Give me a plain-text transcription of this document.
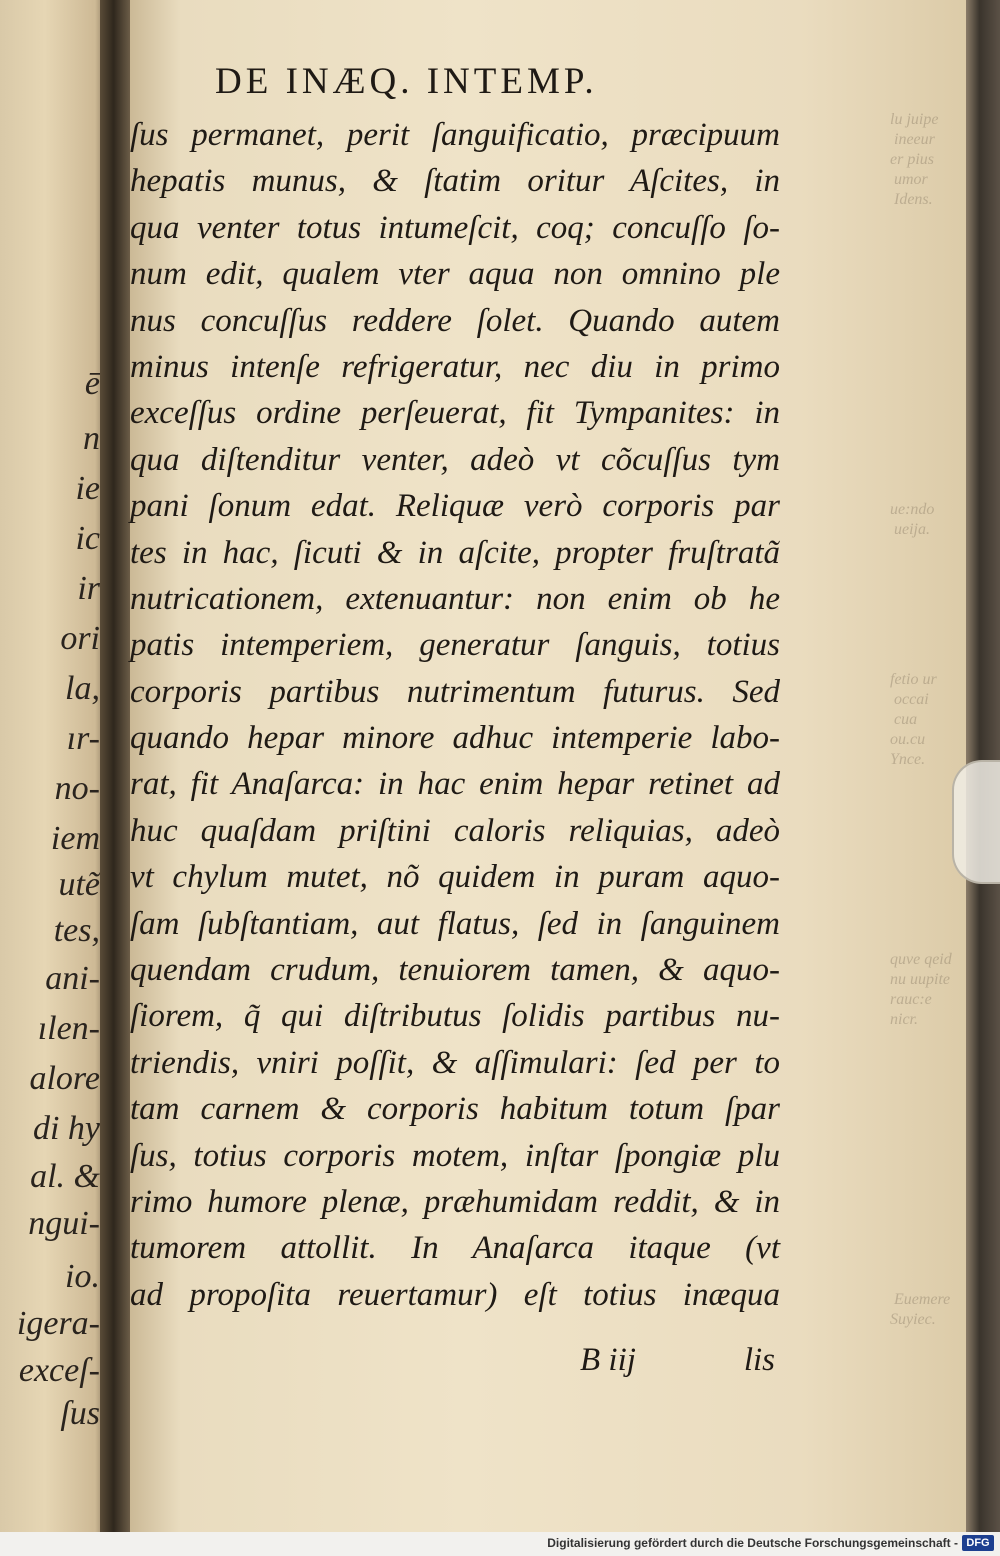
ē
n
ie
ic
ir
ori
la,
ır-
no-
iem
utẽ
tes,
ani-
ılen-
alore
di hy
al. &
ngui-
io.
igera-
exceſ-
ſus
lu juipe
ineeur
er pius
umor
Idens.
ue:ndo
ueija.
fetio ur
occai
cua
ou.cu
Ynce.
quve qeid
nu uupite
rauc:e
nicr.
Euemere
Suyiec.
DE INÆQ. INTEMP.
ſus permanet, perit ſanguificatio, præcipuum
hepatis munus, & ſtatim oritur Aſcites, in
qua venter totus intumeſcit, coq; concuſſo ſo-
num edit, qualem vter aqua non omnino ple
nus concuſſus reddere ſolet. Quando autem
minus intenſe refrigeratur, nec diu in primo
exceſſus ordine perſeuerat, fit Tympanites: in
qua diſtenditur venter, adeò vt cõcuſſus tym
pani ſonum edat. Reliquæ verò corporis par
tes in hac, ſicuti & in aſcite, propter fruſtratã
nutricationem, extenuantur: non enim ob he
patis intemperiem, generatur ſanguis, totius
corporis partibus nutrimentum futurus. Sed
quando hepar minore adhuc intemperie labo-
rat, fit Anaſarca: in hac enim hepar retinet ad
huc quaſdam priſtini caloris reliquias, adeò
vt chylum mutet, nõ quidem in puram aquo-
ſam ſubſtantiam, aut flatus, ſed in ſanguinem
quendam crudum, tenuiorem tamen, & aquo-
ſiorem, q̃ qui diſtributus ſolidis partibus nu-
triendis, vniri poſſit, & aſſimulari: ſed per to
tam carnem & corporis habitum totum ſpar
ſus, totius corporis motem, inſtar ſpongiæ plu
rimo humore plenæ, præhumidam reddit, & in
tumorem attollit. In Anaſarca itaque (vt
ad propoſita reuertamur) eſt totius inæqua
B iij	lis
Digitalisierung gefördert durch die Deutsche Forschungsgemeinschaft - DFG
